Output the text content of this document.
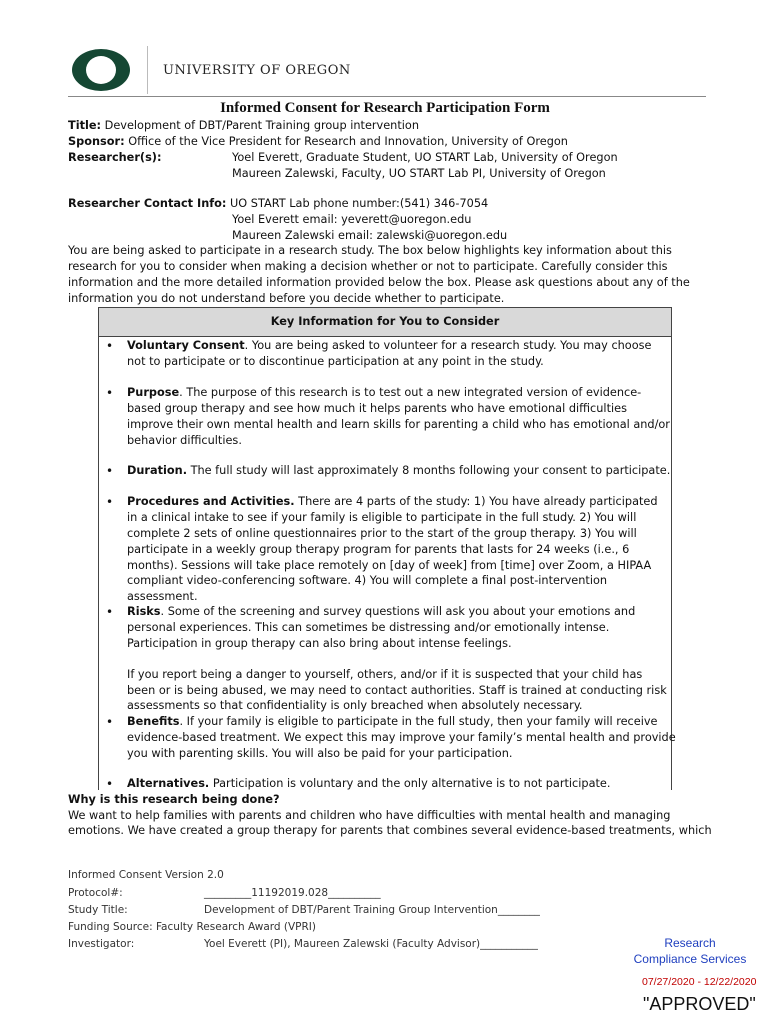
UNIVERSITY OF OREGON
Informed Consent for Research Participation Form
Title: Development of DBT/Parent Training group intervention
Sponsor: Office of the Vice President for Research and Innovation, University of Oregon
Researcher(s):	Yoel Everett, Graduate Student, UO START Lab, University of Oregon
Maureen Zalewski, Faculty, UO START Lab PI, University of Oregon
Researcher Contact Info: UO START Lab phone number:(541) 346-7054
Yoel Everett email: yeverett@uoregon.edu
Maureen Zalewski email: zalewski@uoregon.edu
You are being asked to participate in a research study. The box below highlights key information about this
research for you to consider when making a decision whether or not to participate. Carefully consider this
information and the more detailed information provided below the box. Please ask questions about any of the
information you do not understand before you decide whether to participate.
Key Information for You to Consider
• Voluntary Consent. You are being asked to volunteer for a research study. You may choose
not to participate or to discontinue participation at any point in the study.
• Purpose. The purpose of this research is to test out a new integrated version of evidence-
based group therapy and see how much it helps parents who have emotional difficulties
improve their own mental health and learn skills for parenting a child who has emotional and/or
behavior difficulties.
• Duration. The full study will last approximately 8 months following your consent to participate.
• Procedures and Activities. There are 4 parts of the study: 1) You have already participated
in a clinical intake to see if your family is eligible to participate in the full study. 2) You will
complete 2 sets of online questionnaires prior to the start of the group therapy. 3) You will
participate in a weekly group therapy program for parents that lasts for 24 weeks (i.e., 6
months). Sessions will take place remotely on [day of week] from [time] over Zoom, a HIPAA
compliant video-conferencing software. 4) You will complete a final post-intervention
assessment.
• Risks. Some of the screening and survey questions will ask you about your emotions and
personal experiences. This can sometimes be distressing and/or emotionally intense.
Participation in group therapy can also bring about intense feelings.
If you report being a danger to yourself, others, and/or if it is suspected that your child has
been or is being abused, we may need to contact authorities. Staff is trained at conducting risk
assessments so that confidentiality is only breached when absolutely necessary.
• Benefits. If your family is eligible to participate in the full study, then your family will receive
evidence-based treatment. We expect this may improve your family’s mental health and provide
you with parenting skills. You will also be paid for your participation.
• Alternatives. Participation is voluntary and the only alternative is to not participate.
Why is this research being done?
We want to help families with parents and children who have difficulties with mental health and managing
emotions. We have created a group therapy for parents that combines several evidence-based treatments, which
Informed Consent Version 2.0
Protocol#:	_________11192019.028__________
Study Title:	Development of DBT/Parent Training Group Intervention________
Funding Source: Faculty Research Award (VPRI)
Investigator:	Yoel Everett (PI), Maureen Zalewski (Faculty Advisor)___________	Research
Compliance Services
07/27/2020 - 12/22/2020
"APPROVED"
